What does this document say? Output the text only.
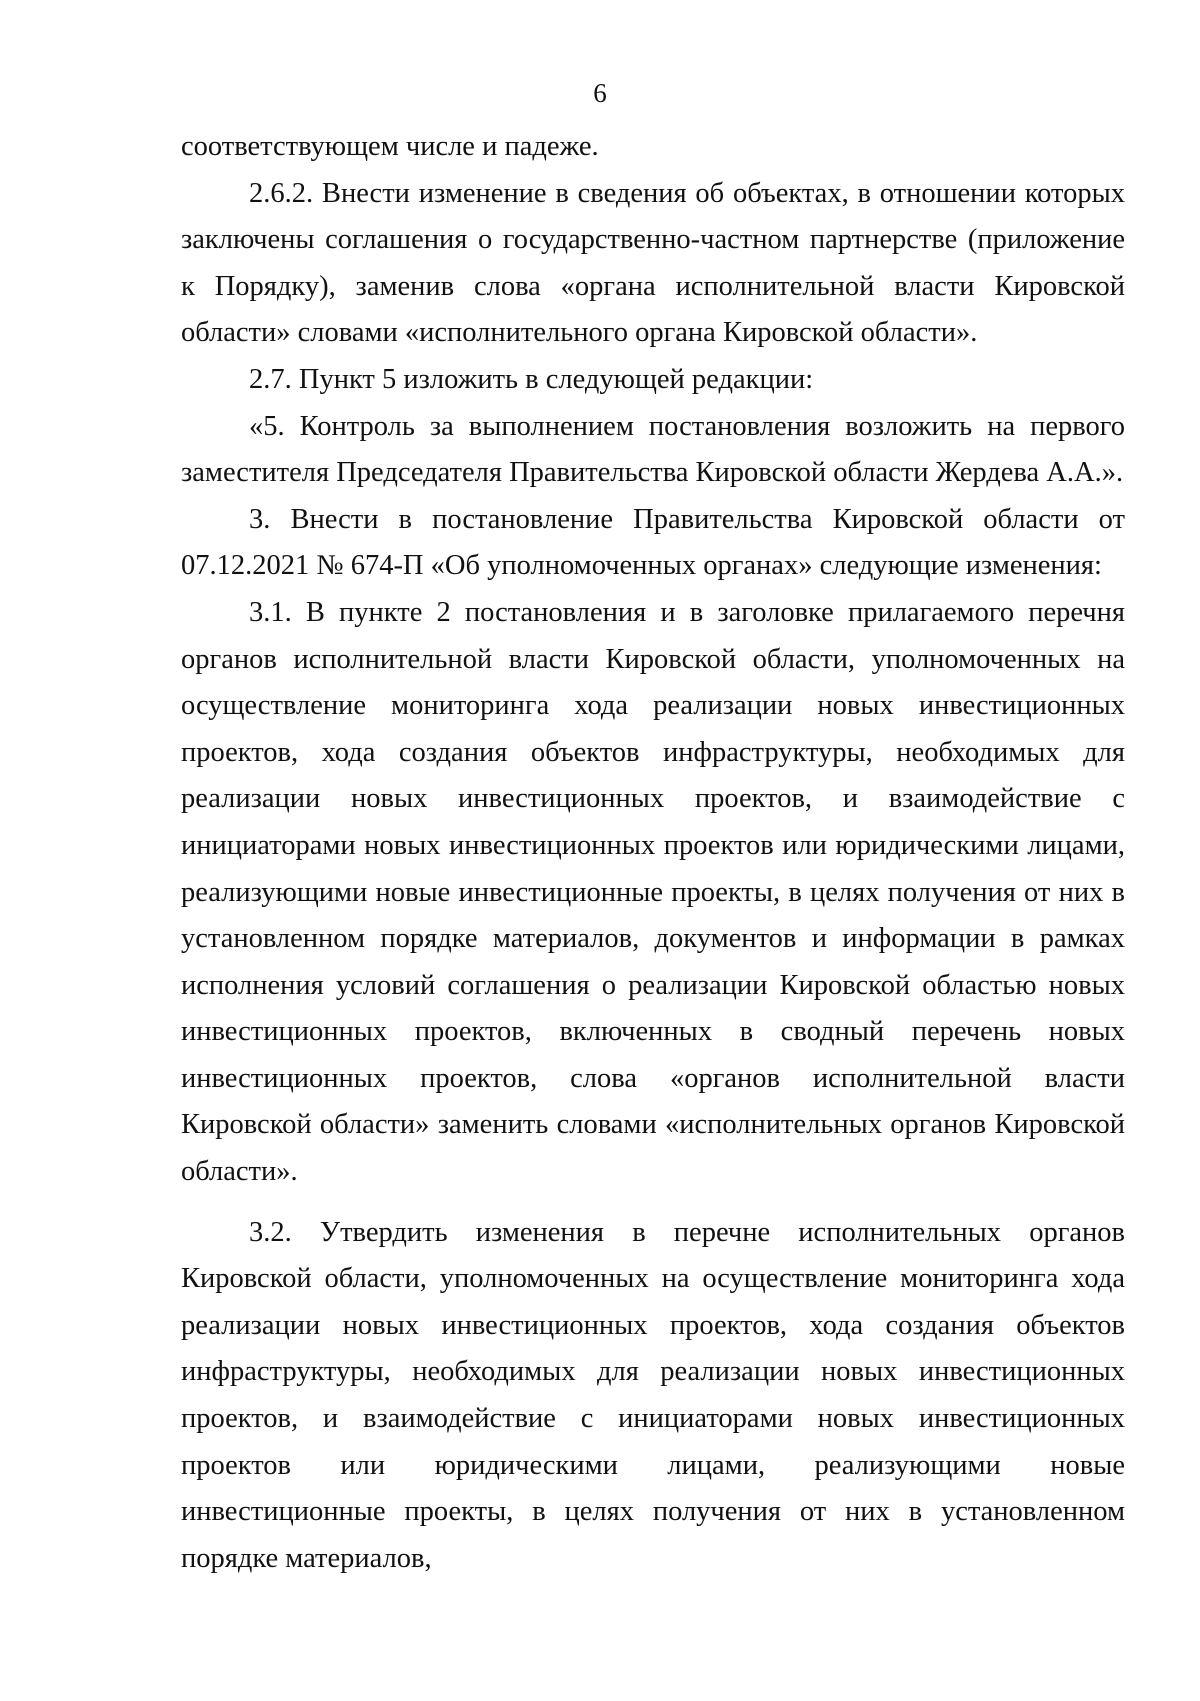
6

соответствующем числе и падеже.

2.6.2. Внести изменение в сведения об объектах, в отношении которых заключены соглашения о государственно-частном партнерстве (приложение к Порядку), заменив слова «органа исполнительной власти Кировской области» словами «исполнительного органа Кировской области».

2.7. Пункт 5 изложить в следующей редакции:

«5. Контроль за выполнением постановления возложить на первого заместителя Председателя Правительства Кировской области Жердева А.А.».

3. Внести в постановление Правительства Кировской области от 07.12.2021 № 674-П «Об уполномоченных органах» следующие изменения:

3.1. В пункте 2 постановления и в заголовке прилагаемого перечня органов исполнительной власти Кировской области, уполномоченных на осуществление мониторинга хода реализации новых инвестиционных проектов, хода создания объектов инфраструктуры, необходимых для реализации новых инвестиционных проектов, и взаимодействие с инициаторами новых инвестиционных проектов или юридическими лицами, реализующими новые инвестиционные проекты, в целях получения от них в установленном порядке материалов, документов и информации в рамках исполнения условий соглашения о реализации Кировской областью новых инвестиционных проектов, включенных в сводный перечень новых инвестиционных проектов, слова «органов исполнительной власти Кировской области» заменить словами «исполнительных органов Кировской области».

3.2. Утвердить изменения в перечне исполнительных органов Кировской области, уполномоченных на осуществление мониторинга хода реализации новых инвестиционных проектов, хода создания объектов инфраструктуры, необходимых для реализации новых инвестиционных проектов, и взаимодействие с инициаторами новых инвестиционных проектов или юридическими лицами, реализующими новые инвестиционные проекты, в целях получения от них в установленном порядке материалов,
